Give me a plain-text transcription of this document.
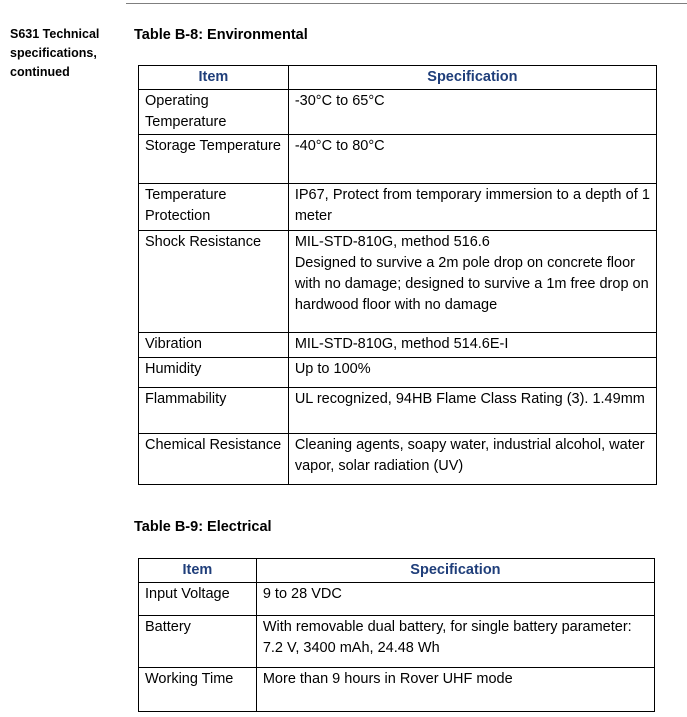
S631 Technical specifications, continued
Table B-8: Environmental
Item	Specification
Operating Temperature	-30°C to 65°C
Storage Temperature	-40°C to 80°C
Temperature Protection	IP67, Protect from temporary immersion to a depth of 1 meter
Shock Resistance	MIL-STD-810G, method 516.6
Designed to survive a 2m pole drop on concrete floor with no damage; designed to survive a 1m free drop on hardwood floor with no damage

Vibration	MIL-STD-810G, method 514.6E-I
Humidity	Up to 100%
Flammability	UL recognized, 94HB Flame Class Rating (3). 1.49mm
Chemical Resistance	Cleaning agents, soapy water, industrial alcohol, water vapor, solar radiation (UV)
Table B-9: Electrical
Item	Specification
Input Voltage	9 to 28 VDC
Battery	With removable dual battery, for single battery parameter: 7.2 V, 3400 mAh, 24.48 Wh
Working Time	More than 9 hours in Rover UHF mode
